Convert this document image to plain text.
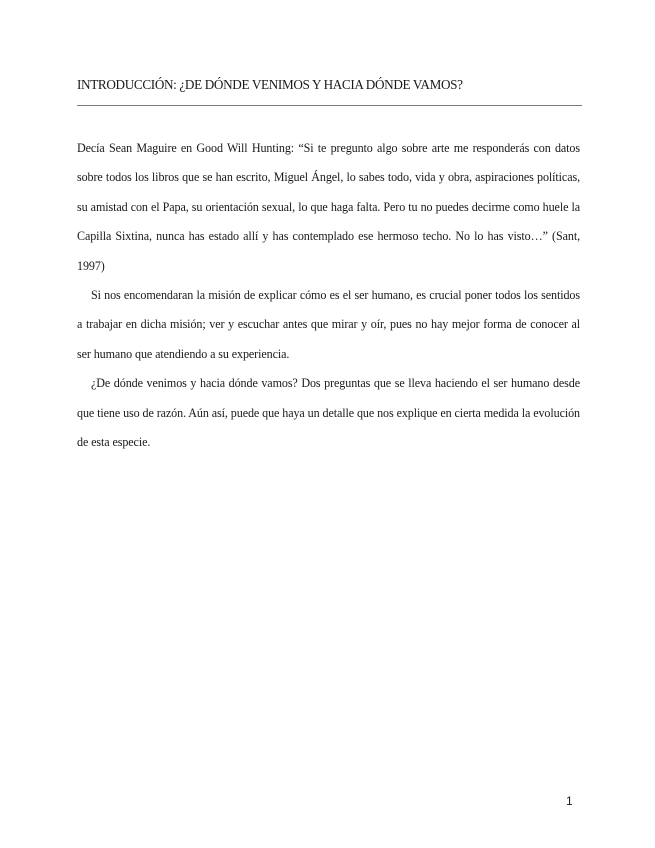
INTRODUCCIÓN: ¿DE DÓNDE VENIMOS Y HACIA DÓNDE VAMOS?

Decía Sean Maguire en Good Will Hunting: “Si te pregunto algo sobre arte me responderás con datos sobre todos los libros que se han escrito, Miguel Ángel, lo sabes todo, vida y obra, aspiraciones políticas, su amistad con el Papa, su orientación sexual, lo que haga falta. Pero tu no puedes decirme como huele la Capilla Sixtina, nunca has estado allí y has contemplado ese hermoso techo. No lo has visto…” (Sant, 1997)

Si nos encomendaran la misión de explicar cómo es el ser humano, es crucial poner todos los sentidos a trabajar en dicha misión; ver y escuchar antes que mirar y oír, pues no hay mejor forma de conocer al ser humano que atendiendo a su experiencia.

¿De dónde venimos y hacia dónde vamos? Dos preguntas que se lleva haciendo el ser humano desde que tiene uso de razón. Aún así, puede que haya un detalle que nos explique en cierta medida la evolución de esta especie.

1
